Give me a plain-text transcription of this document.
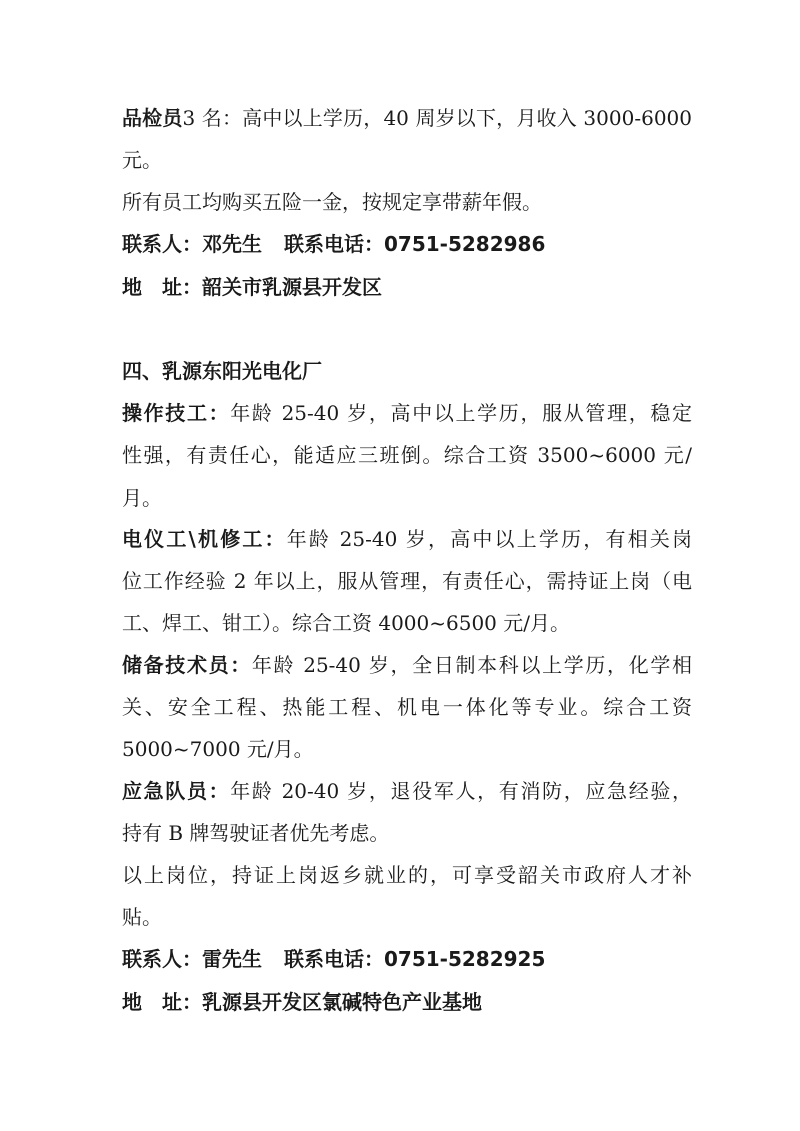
品检员3 名：高中以上学历，40 周岁以下，月收入 3000-6000
元。
所有员工均购买五险一金，按规定享带薪年假。
联系人：邓先生 联系电话：0751-5282986
地　址：韶关市乳源县开发区
四、乳源东阳光电化厂
操作技工：年龄 25-40 岁，高中以上学历，服从管理，稳定
性强，有责任心，能适应三班倒。综合工资 3500~6000 元/
月。
电仪工\机修工：年龄 25-40 岁，高中以上学历，有相关岗
位工作经验 2 年以上，服从管理，有责任心，需持证上岗（电
工、焊工、钳工）。综合工资 4000~6500 元/月。
储备技术员：年龄 25-40 岁，全日制本科以上学历，化学相
关、安全工程、热能工程、机电一体化等专业。综合工资
5000~7000 元/月。
应急队员：年龄 20-40 岁，退役军人，有消防，应急经验，
持有 B 牌驾驶证者优先考虑。
以上岗位，持证上岗返乡就业的，可享受韶关市政府人才补
贴。
联系人：雷先生 联系电话：0751-5282925
地　址：乳源县开发区氯碱特色产业基地
